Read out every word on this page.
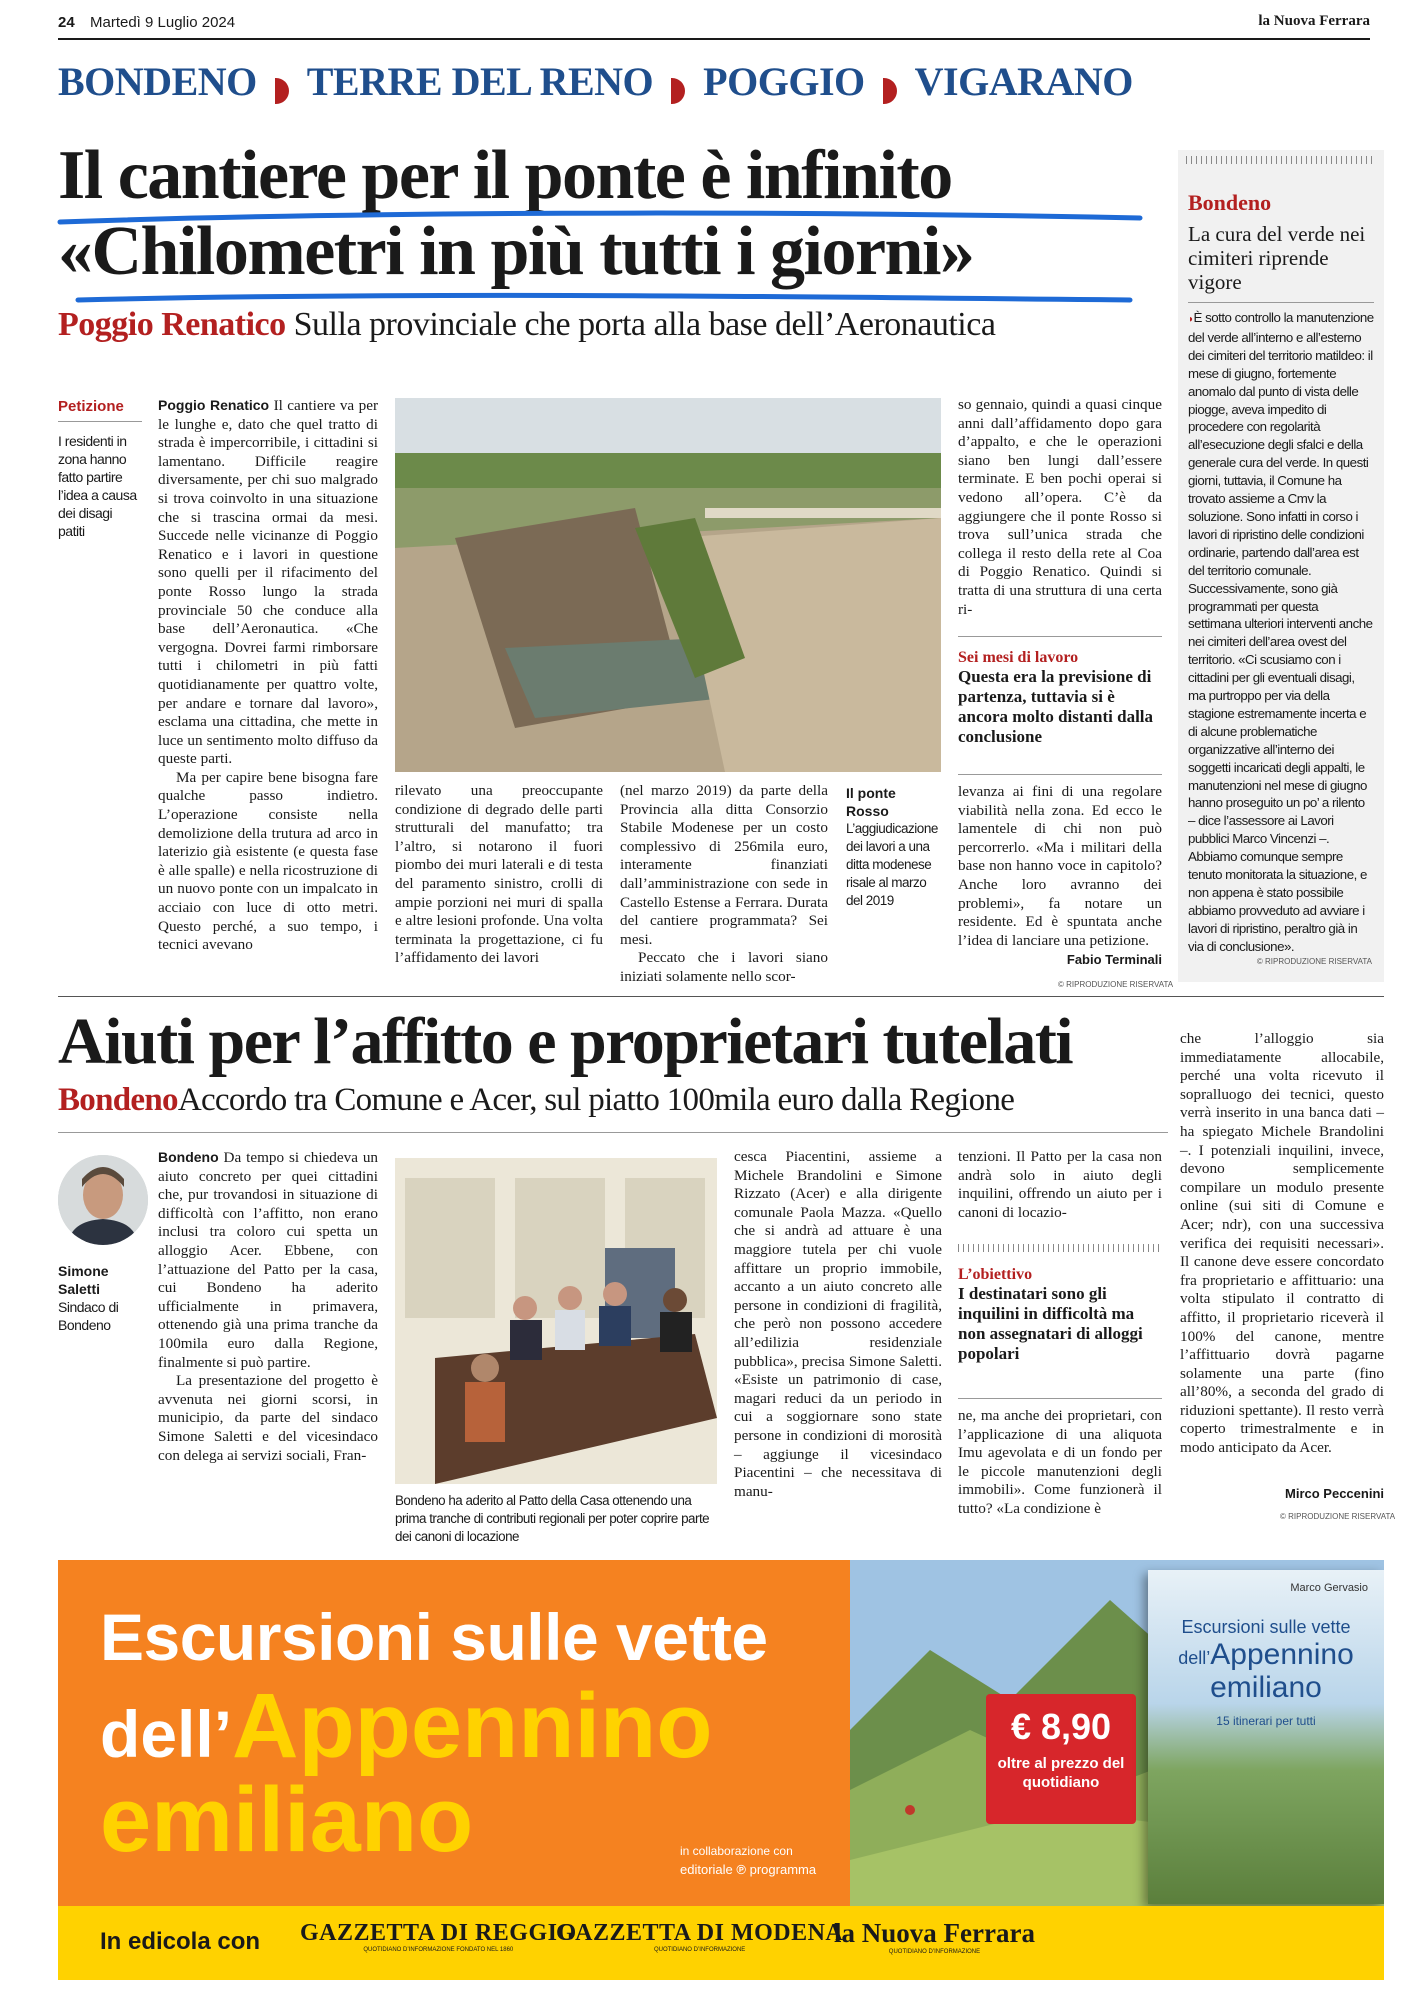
24 Martedì 9 Luglio 2024	la Nuova Ferrara
BONDENO TERRE DEL RENO POGGIO VIGARANO
Il cantiere per il ponte è infinito
«Chilometri in più tutti i giorni»
Poggio Renatico Sulla provinciale che porta alla base dell’Aeronautica
Petizione
I residenti in zona hanno fatto partire l’idea a causa dei disagi patiti

Poggio Renatico Il cantiere va per le lunghe e, dato che quel tratto di strada è impercorribile, i cittadini si lamentano. Difficile reagire diversamente, per chi suo malgrado si trova coinvolto in una situazione che si trascina ormai da mesi. Succede nelle vicinanze di Poggio Renatico e i lavori in questione sono quelli per il rifacimento del ponte Rosso lungo la strada provinciale 50 che conduce alla base dell’Aeronautica. «Che vergogna. Dovrei farmi rimborsare tutti i chilometri in più fatti quotidianamente per quattro volte, per andare e tornare dal lavoro», esclama una cittadina, che mette in luce un sentimento molto diffuso da queste parti.

Ma per capire bene bisogna fare qualche passo indietro. L’operazione consiste nella demolizione della trutura ad arco in laterizio già esistente (e questa fase è alle spalle) e nella ricostruzione di un nuovo ponte con un impalcato in acciaio con luce di otto metri. Questo perché, a suo tempo, i tecnici avevano

rilevato una preoccupante condizione di degrado delle parti strutturali del manufatto; tra l’altro, si notarono il fuori piombo dei muri laterali e di testa del paramento sinistro, crolli di ampie porzioni nei muri di spalla e altre lesioni profonde. Una volta terminata la progettazione, ci fu l’affidamento dei lavori

(nel marzo 2019) da parte della Provincia alla ditta Consorzio Stabile Modenese per un costo complessivo di 256mila euro, interamente finanziati dall’amministrazione con sede in Castello Estense a Ferrara. Durata del cantiere programmata? Sei mesi.

Peccato che i lavori siano iniziati solamente nello scor-

Il ponte Rosso
L’aggiudicazione dei lavori a una ditta modenese risale al marzo del 2019

so gennaio, quindi a quasi cinque anni dall’affidamento dopo gara d’appalto, e che le operazioni siano ben lungi dall’essere terminate. E ben pochi operai si vedono all’opera. C’è da aggiungere che il ponte Rosso si trova sull’unica strada che collega il resto della rete al Coa di Poggio Renatico. Quindi si tratta di una struttura di una certa ri-

Sei mesi di lavoro
Questa era la previsione di partenza, tuttavia si è ancora molto distanti dalla conclusione

levanza ai fini di una regolare viabilità nella zona. Ed ecco le lamentele di chi non può percorrerlo. «Ma i militari della base non hanno voce in capitolo? Anche loro avranno dei problemi», fa notare un residente. Ed è spuntata anche l’idea di lanciare una petizione.

Fabio Terminali
© RIPRODUZIONE RISERVATA
Bondeno
La cura del verde nei cimiteri riprende vigore
◗È sotto controllo la manutenzione del verde all’interno e all’esterno dei cimiteri del territorio matildeo: il mese di giugno, fortemente anomalo dal punto di vista delle piogge, aveva impedito di procedere con regolarità all’esecuzione degli sfalci e della generale cura del verde. In questi giorni, tuttavia, il Comune ha trovato assieme a Cmv la soluzione. Sono infatti in corso i lavori di ripristino delle condizioni ordinarie, partendo dall’area est del territorio comunale. Successivamente, sono già programmati per questa settimana ulteriori interventi anche nei cimiteri dell’area ovest del territorio. «Ci scusiamo con i cittadini per gli eventuali disagi, ma purtroppo per via della stagione estremamente incerta e di alcune problematiche organizzative all’interno dei soggetti incaricati degli appalti, le manutenzioni nel mese di giugno hanno proseguito un po’ a rilento – dice l’assessore ai Lavori pubblici Marco Vincenzi –. Abbiamo comunque sempre tenuto monitorata la situazione, e non appena è stato possibile abbiamo provveduto ad avviare i lavori di ripristino, peraltro già in via di conclusione».
© RIPRODUZIONE RISERVATA
Aiuti per l’affitto e proprietari tutelati
BondenoAccordo tra Comune e Acer, sul piatto 100mila euro dalla Regione
Simone Saletti
Sindaco di Bondeno

Bondeno Da tempo si chiedeva un aiuto concreto per quei cittadini che, pur trovandosi in situazione di difficoltà con l’affitto, non erano inclusi tra coloro cui spetta un alloggio Acer. Ebbene, con l’attuazione del Patto per la casa, cui Bondeno ha aderito ufficialmente in primavera, ottenendo già una prima tranche da 100mila euro dalla Regione, finalmente si può partire.

La presentazione del progetto è avvenuta nei giorni scorsi, in municipio, da parte del sindaco Simone Saletti e del vicesindaco con delega ai servizi sociali, Fran-

Bondeno ha aderito al Patto della Casa ottenendo una prima tranche di contributi regionali per poter coprire parte dei canoni di locazione

cesca Piacentini, assieme a Michele Brandolini e Simone Rizzato (Acer) e alla dirigente comunale Paola Mazza. «Quello che si andrà ad attuare è una maggiore tutela per chi vuole affittare un proprio immobile, accanto a un aiuto concreto alle persone in condizioni di fragilità, che però non possono accedere all’edilizia residenziale pubblica», precisa Simone Saletti. «Esiste un patrimonio di case, magari reduci da un periodo in cui a soggiornare sono state persone in condizioni di morosità – aggiunge il vicesindaco Piacentini – che necessitava di manu-

tenzioni. Il Patto per la casa non andrà solo in aiuto degli inquilini, offrendo un aiuto per i canoni di locazio-

L’obiettivo
I destinatari sono gli inquilini in difficoltà ma non assegnatari di alloggi popolari

ne, ma anche dei proprietari, con l’applicazione di una aliquota Imu agevolata e di un fondo per le piccole manutenzioni degli immobili». Come funzionerà il tutto? «La condizione è

che l’alloggio sia immediatamente allocabile, perché una volta ricevuto il sopralluogo dei tecnici, questo verrà inserito in una banca dati – ha spiegato Michele Brandolini –. I potenziali inquilini, invece, devono semplicemente compilare un modulo presente online (sui siti di Comune e Acer; ndr), con una successiva verifica dei requisiti necessari». Il canone deve essere concordato fra proprietario e affittuario: una volta stipulato il contratto di affitto, il proprietario riceverà il 100% del canone, mentre l’affittuario dovrà pagarne solamente una parte (fino all’80%, a seconda del grado di riduzioni spettante). Il resto verrà coperto trimestralmente e in modo anticipato da Acer.

Mirco Peccenini
© RIPRODUZIONE RISERVATA
Escursioni sulle vette
dell’Appennino
emiliano	in collaborazione con
editoriale ℗ programma
€ 8,90
oltre al prezzo del quotidiano
Marco Gervasio
Escursioni sulle vette
dell’Appennino
emiliano
15 itinerari per tutti
In edicola con GAZZETTA DI REGGIO
QUOTIDIANO D’INFORMAZIONE FONDATO NEL 1860
GAZZETTA DI MODENA
QUOTIDIANO D’INFORMAZIONE
la Nuova Ferrara
QUOTIDIANO D’INFORMAZIONE
